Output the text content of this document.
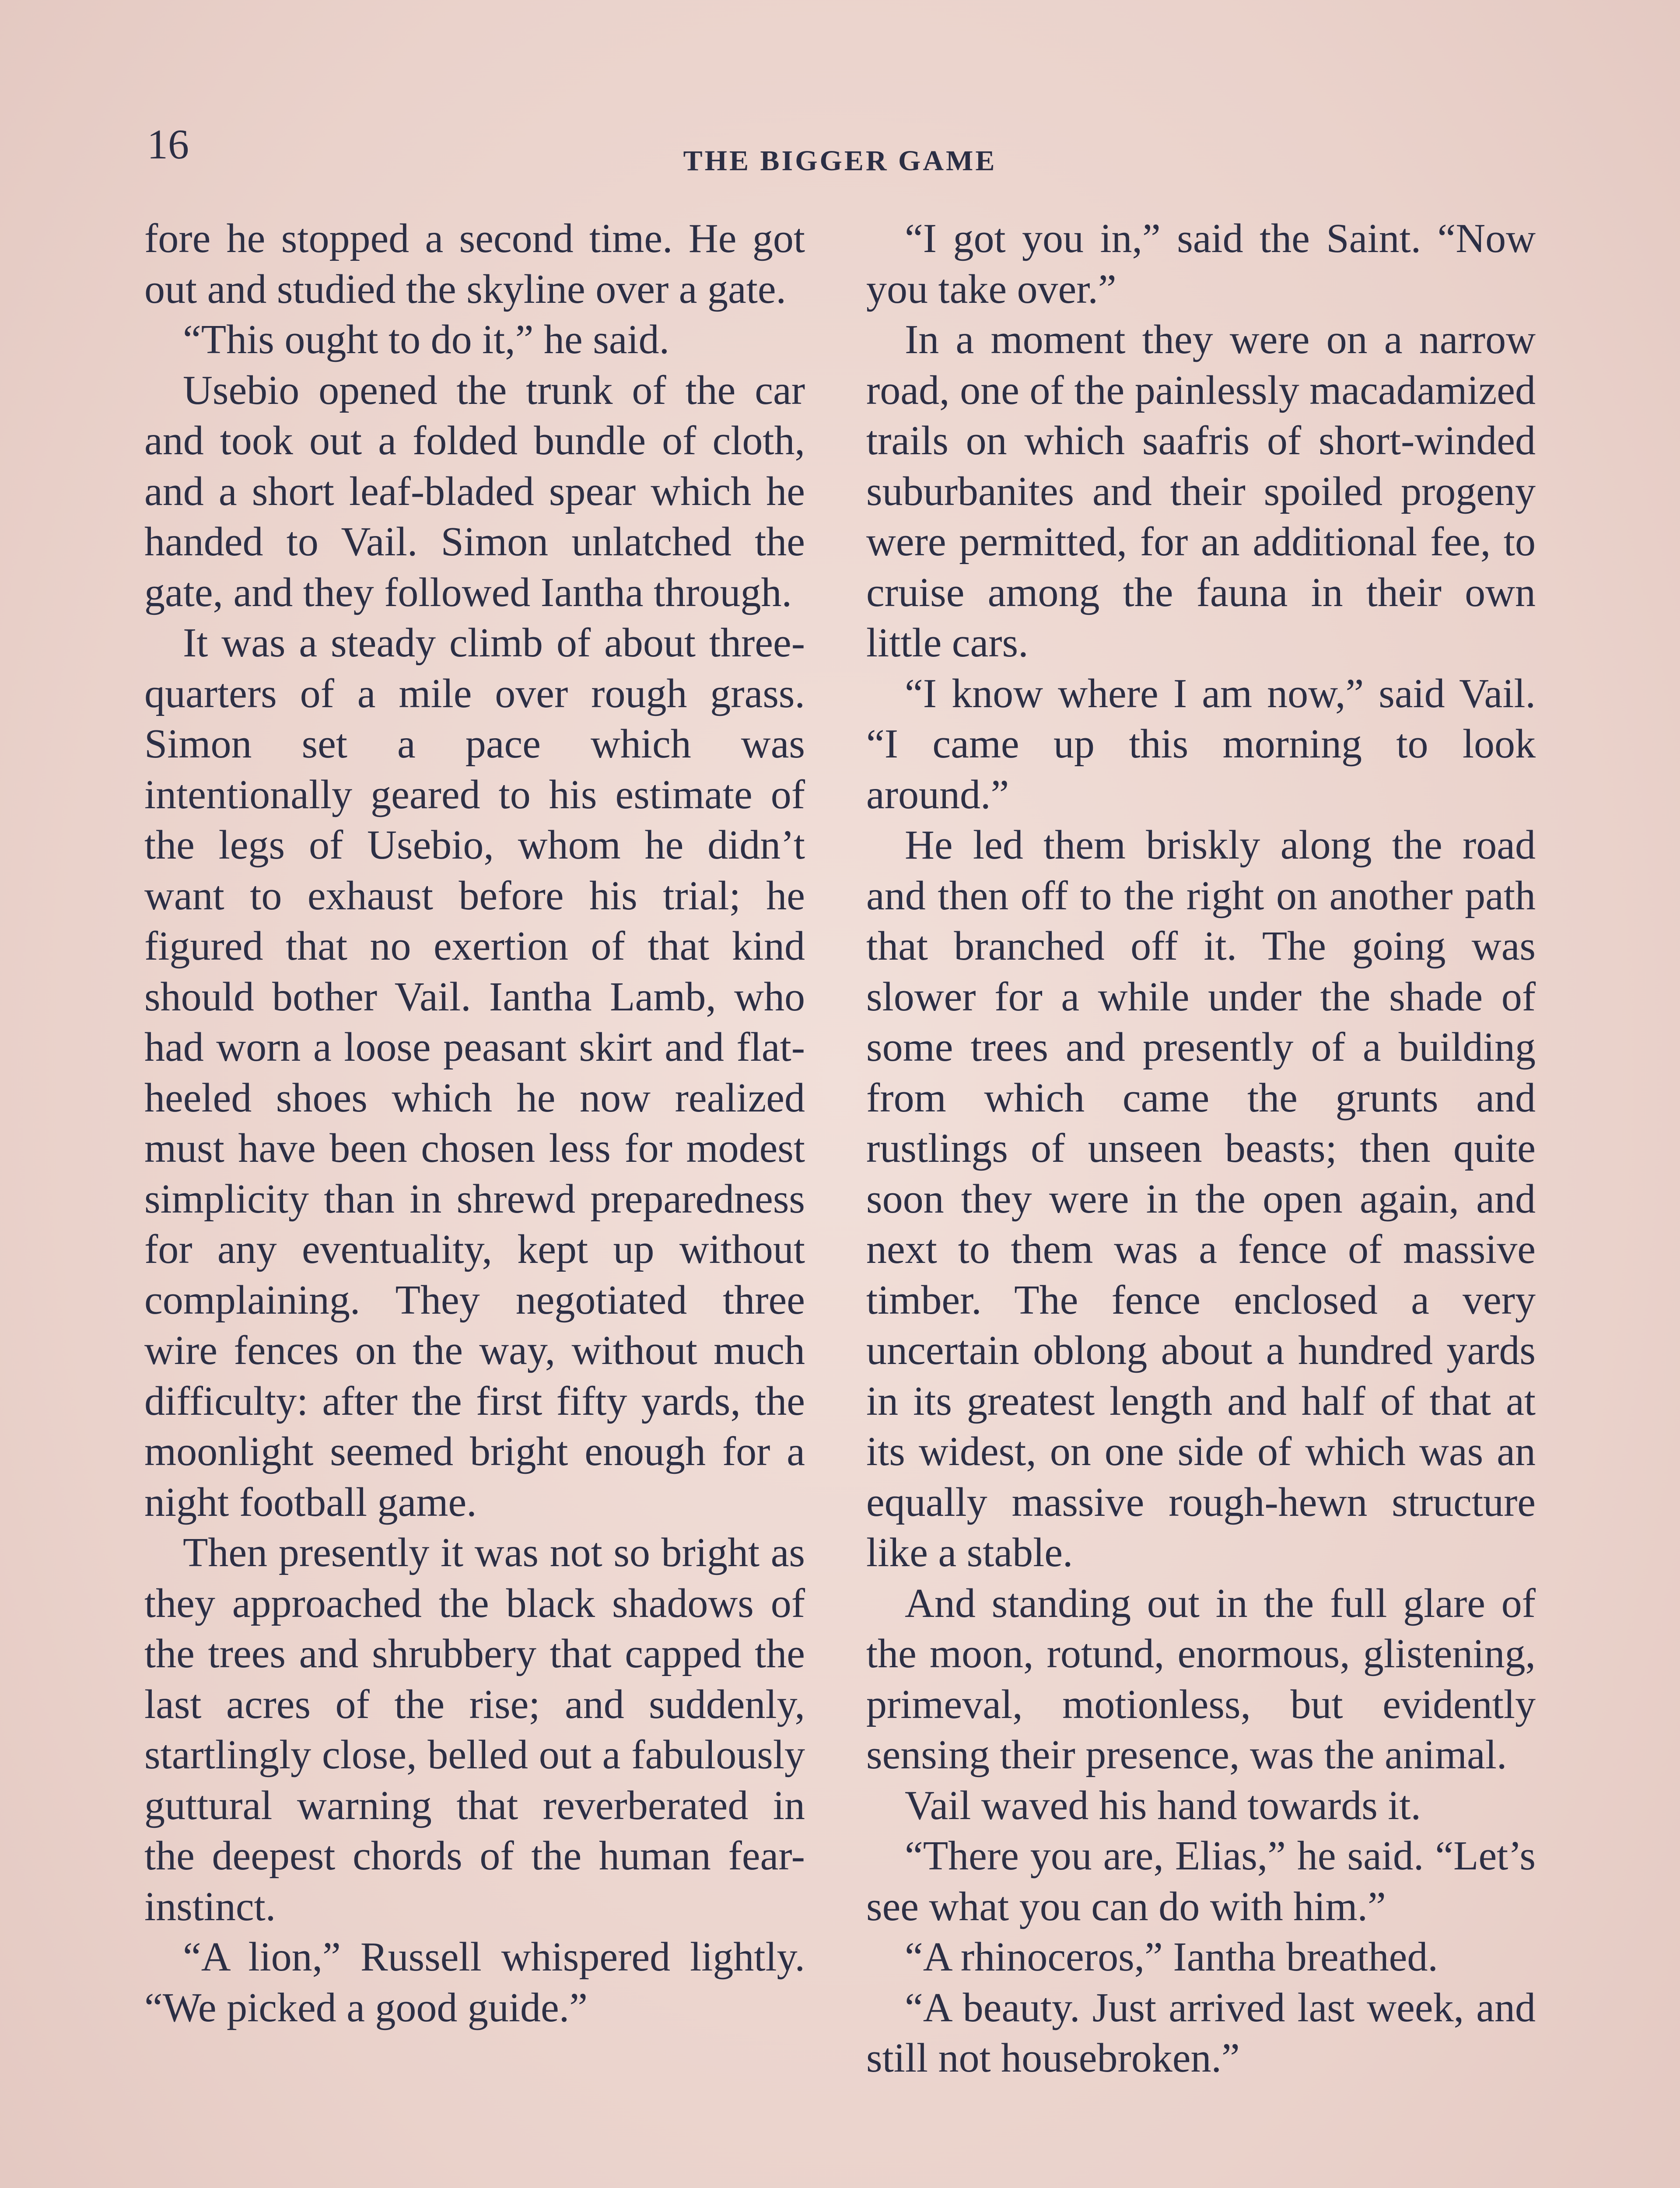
16	THE BIGGER GAME

fore he stopped a second time. He got out and studied the skyline over a gate.

“This ought to do it,” he said.

Usebio opened the trunk of the car and took out a folded bundle of cloth, and a short leaf-bladed spear which he handed to Vail. Simon unlatched the gate, and they followed Iantha through.

It was a steady climb of about three-quarters of a mile over rough grass. Simon set a pace which was intentionally geared to his estimate of the legs of Usebio, whom he didn’t want to exhaust before his trial; he figured that no exertion of that kind should bother Vail. Iantha Lamb, who had worn a loose peasant skirt and flat-heeled shoes which he now realized must have been chosen less for modest simplicity than in shrewd preparedness for any eventuality, kept up without complaining. They negotiated three wire fences on the way, without much difficulty: after the first fifty yards, the moonlight seemed bright enough for a night football game.

Then presently it was not so bright as they approached the black shadows of the trees and shrubbery that capped the last acres of the rise; and suddenly, startlingly close, belled out a fabulously guttural warning that reverberated in the deepest chords of the human fear-instinct.

“A lion,” Russell whispered lightly. “We picked a good guide.”

“I got you in,” said the Saint. “Now you take over.”

In a moment they were on a narrow road, one of the painlessly macadamized trails on which saafris of short-winded suburbanites and their spoiled progeny were permitted, for an additional fee, to cruise among the fauna in their own little cars.

“I know where I am now,” said Vail. “I came up this morning to look around.”

He led them briskly along the road and then off to the right on another path that branched off it. The going was slower for a while under the shade of some trees and presently of a building from which came the grunts and rustlings of unseen beasts; then quite soon they were in the open again, and next to them was a fence of massive timber. The fence enclosed a very uncertain oblong about a hundred yards in its greatest length and half of that at its widest, on one side of which was an equally massive rough-hewn structure like a stable.

And standing out in the full glare of the moon, rotund, enormous, glistening, primeval, motionless, but evidently sensing their presence, was the animal.

Vail waved his hand towards it.

“There you are, Elias,” he said. “Let’s see what you can do with him.”

“A rhinoceros,” Iantha breathed.

“A beauty. Just arrived last week, and still not housebroken.”
